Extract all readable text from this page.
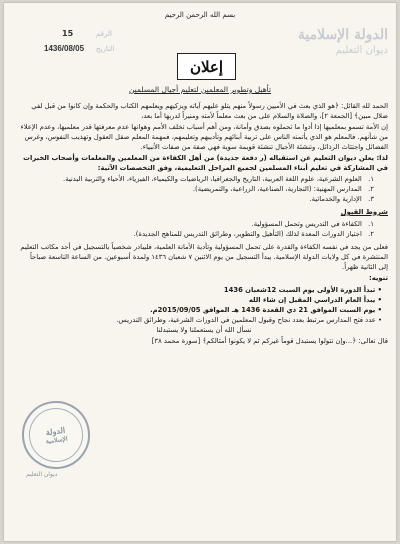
بسم الله الرحمن الرحيم
الرقم
15
التاريخ
1436/08/05
الدولة الإسلامية
ديوان التعليم
إعلان
تأهيل وتطوير المعلمين لتعليم أجيال المسلمين

الحمد لله القائل: ﴿هو الذي بعث في الأميين رسولاً منهم يتلو عليهم آياته ويزكيهم ويعلمهم الكتاب والحكمة وإن كانوا من قبل لفي ضلال مبين﴾ [الجمعة ٢]، والصلاة والسلام على من بعث معلماً لأمته ومنيراً لدربها أما بعد،

إن الأمة تسمو بمعلميها إذا أدوا ما تحملوه بصدق وأمانة، ومن أهم أسباب تخلف الأمم وهوانها عدم معرفتها قدر معلميها، وعدم الإعلاء من شأنهم. فالمعلم هو الذي يأتمنه الناس على تربية أبنائهم وتأديبهم وتعليمهم، فمهمة المعلم صقل العقول وتهذيب النفوس، وغرس الفضائل واجتثاث الرذائل، وتنشئة الأجيال تنشئة قويمة سوية فهي صفة من صفات الأنبياء.

لذا: يعلن ديوان التعليم عن استقباله (ر دفعة جديدة) من أهل الكفاءة من المعلمين والمعلمات وأصحاب الخبرات في المشاركة في تعليم أبناء المسلمين لجميع المراحل التعليمية، وفق التخصصات الآتية:

١. العلوم الشرعية، علوم اللغة العربية، التاريخ والجغرافيا، الرياضيات والكيمياء، الفيزياء، الأحياء والتربية البدنية.
٢. المدارس المهنية: (التجارية، الصناعية، الزراعية، والتمريضية).
٣. الإدارية والخدماتية.
شروط القبول
١. الكفاءة في التدريس وتحمل المسؤولية.
٢. اجتياز الدورات المعدة لذلك (التأهيل والتطوير، وطرائق التدريس للمناهج الجديدة).

فعلى من يجد في نفسه الكفاءة والقدرة على تحمل المسؤولية وتأدية الأمانة العلمية، فليبادر شخصياً بالتسجيل في أحد مكاتب التعليم المنتشرة في كل ولايات الدولة الإسلامية. يبدأ التسجيل من يوم الاثنين ٧ شعبان ١٤٣٦ ولمدة أسبوعين. من الساعة التاسعة صباحاً إلى الثانية ظهراً.

تنويه:
• تبدأ الدورة الأولى يوم السبت 12شعبان 1436
• يبدأ العام الدراسي المقبل إن شاء الله
• يوم السبت الموافق 21 ذي القعدة 1436 هـ الموافق 2015/09/05م.
• عدد فتح المدارس مرتبط بعدد نجاح وقبول المعلمين في الدورات الشرعية، وطرائق التدريس.

نسأل الله أن يستعملنا ولا يستبدلنا

قال تعالى: ﴿...وإن تتولوا يستبدل قوماً غيركم ثم لا يكونوا أمثالكم﴾ [سورة محمد ٣٨]

الدولة
الإسلامية
ديوان التعليم
